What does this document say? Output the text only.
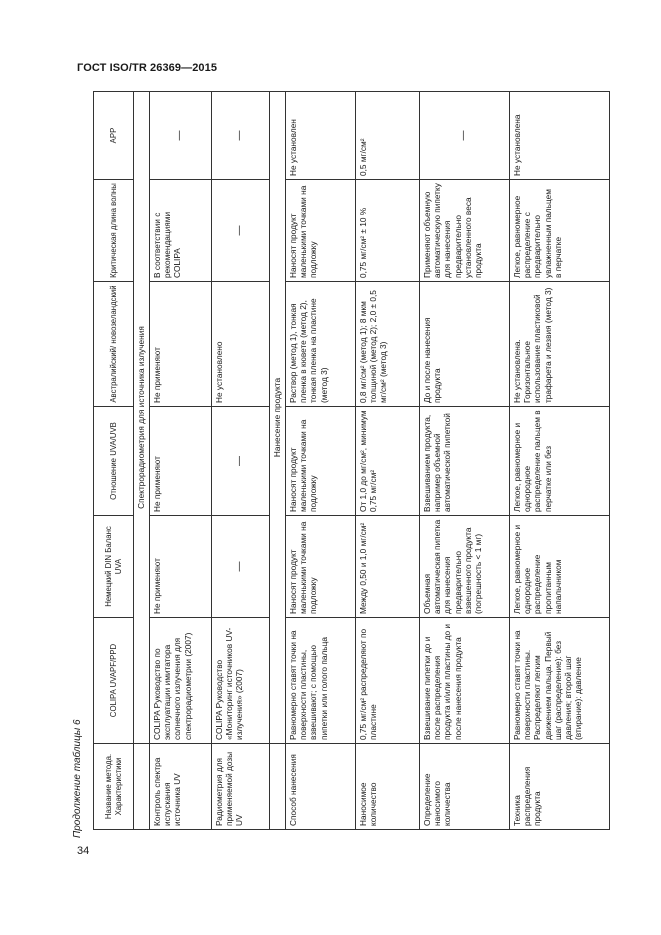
ГОСТ ISO/TR 26369—2015
Продолжение таблицы 6
34
Название метода. Характеристики	COLIPA UVAPF/PPD	Немецкий DIN Баланс UVA	Отношение UVA/UVB	Австралийский/ новозеландский	Критическая длина волны	APP
	Спектрорадиометрия для источника излучения					
Контроль спектра испускания источника UV	COLIPA Руководство по эксплуатации имитатора солнечного излучения для спектрорадиометрии (2007)	Не применяют	Не применяют	Не применяют	В соответствии с рекомендациями COLIPA	—
Радиометрия для применяемой дозы UV	COLIPA Руководство «Мониторинг источников UV-излучения» (2007)	—	—	Не установлено	—	—
	Нанесение продукта					
Способ нанесения	Равномерно ставят точки на поверхности пластины, взвешивают; с помощью пипетки или голого пальца	Наносят продукт маленькими точками на подложку	Наносят продукт маленькими точками на подложку	Раствор (метод 1), тонкая пленка в кювете (метод 2), тонкая пленка на пластине (метод 3)	Наносят продукт маленькими точками на подложку	Не установлен
Наносимое количество	0,75 мг/см² распределяют по пластине	Между 0,50 и 1,0 мг/см²	От 1,0 до мг/см², минимум 0,75 мг/см²	0,8 мг/см² (метод 1); 8 мкм толщиной (метод 2); 2,0 ± 0,5 мг/см² (метод 3)	0,75 мг/см² ± 10 %	0,5 мг/см²
Определение наносимого количества	Взвешивание пипетки до и после распределения продукта и/или пластины до и после нанесения продукта	Объемная автоматическая пипетка для нанесения предварительно взвешенного продукта (погрешность < 1 мг)	Взвешиванием продукта, например объемной автоматической пипеткой	До и после нанесения продукта	Применяют объемную автоматическую пипетку для нанесения предварительно установленного веса продукта	—
Техника распределения продукта	Равномерно ставят точки на поверхности пластины. Распределяют легким движением пальца. Первый шаг (распределение): без давления; второй шаг (втирание): давление	Легкое, равномерное и однородное распределение пропитанным напальчником	Легкое, равномерное и однородное распределение пальцем в перчатке или без	Не установлена. Горизонтальное использование пластиковой трафарета и лезвия (метод 3)	Легкое, равномерное распределение с предварительно увлажненным пальцем в перчатке	Не установлена
